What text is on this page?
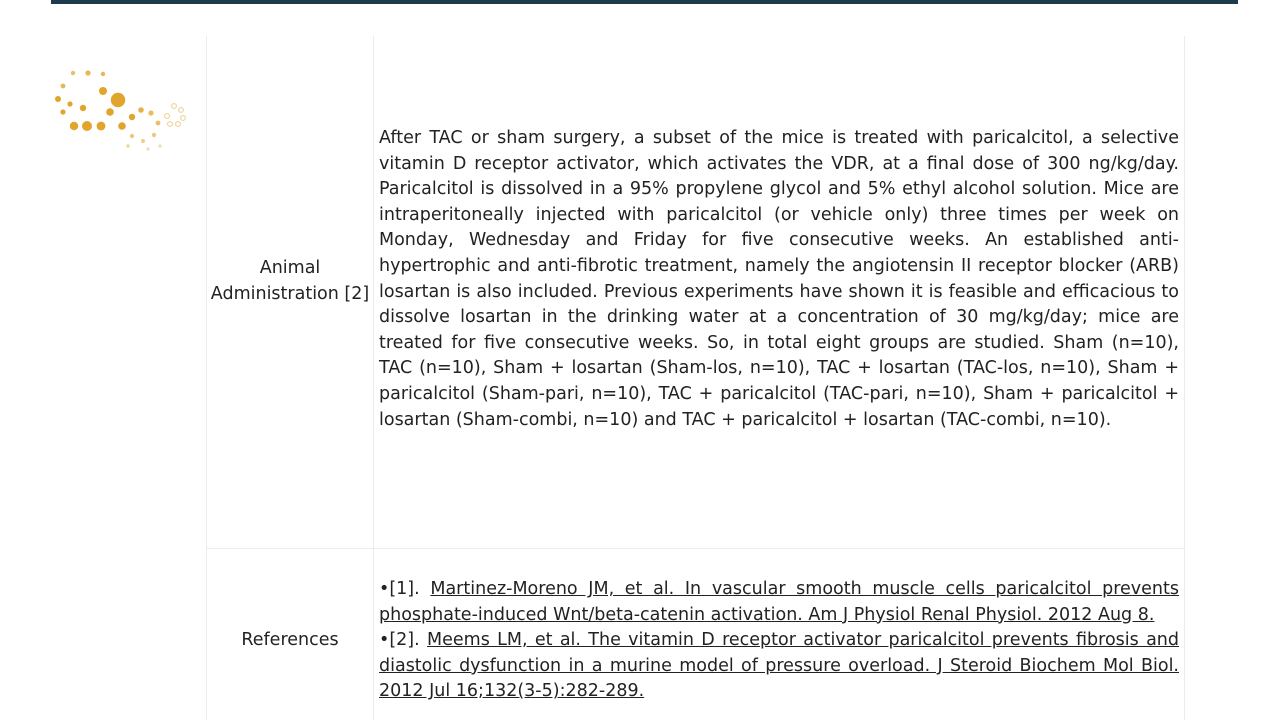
Animal Administration [2]

After TAC or sham surgery, a subset of the mice is treated with paricalcitol, a selective vitamin D receptor activator, which activates the VDR, at a final dose of 300 ng/kg/day. Paricalcitol is dissolved in a 95% propylene glycol and 5% ethyl alcohol solution. Mice are intraperitoneally injected with paricalcitol (or vehicle only) three times per week on Monday, Wednesday and Friday for five consecutive weeks. An established anti-hypertrophic and anti-fibrotic treatment, namely the angiotensin II receptor blocker (ARB) losartan is also included. Previous experiments have shown it is feasible and efficacious to dissolve losartan in the drinking water at a concentration of 30 mg/kg/day; mice are treated for five consecutive weeks. So, in total eight groups are studied. Sham (n=10), TAC (n=10), Sham + losartan (Sham-los, n=10), TAC + losartan (TAC-los, n=10), Sham + paricalcitol (Sham-pari, n=10), TAC + paricalcitol (TAC-pari, n=10), Sham + paricalcitol + losartan (Sham-combi, n=10) and TAC + paricalcitol + losartan (TAC-combi, n=10).

References

•[1]. Martinez-Moreno JM, et al. In vascular smooth muscle cells paricalcitol prevents phosphate-induced Wnt/beta-catenin activation. Am J Physiol Renal Physiol. 2012 Aug 8.

•[2]. Meems LM, et al. The vitamin D receptor activator paricalcitol prevents fibrosis and diastolic dysfunction in a murine model of pressure overload. J Steroid Biochem Mol Biol. 2012 Jul 16;132(3-5):282-289.
